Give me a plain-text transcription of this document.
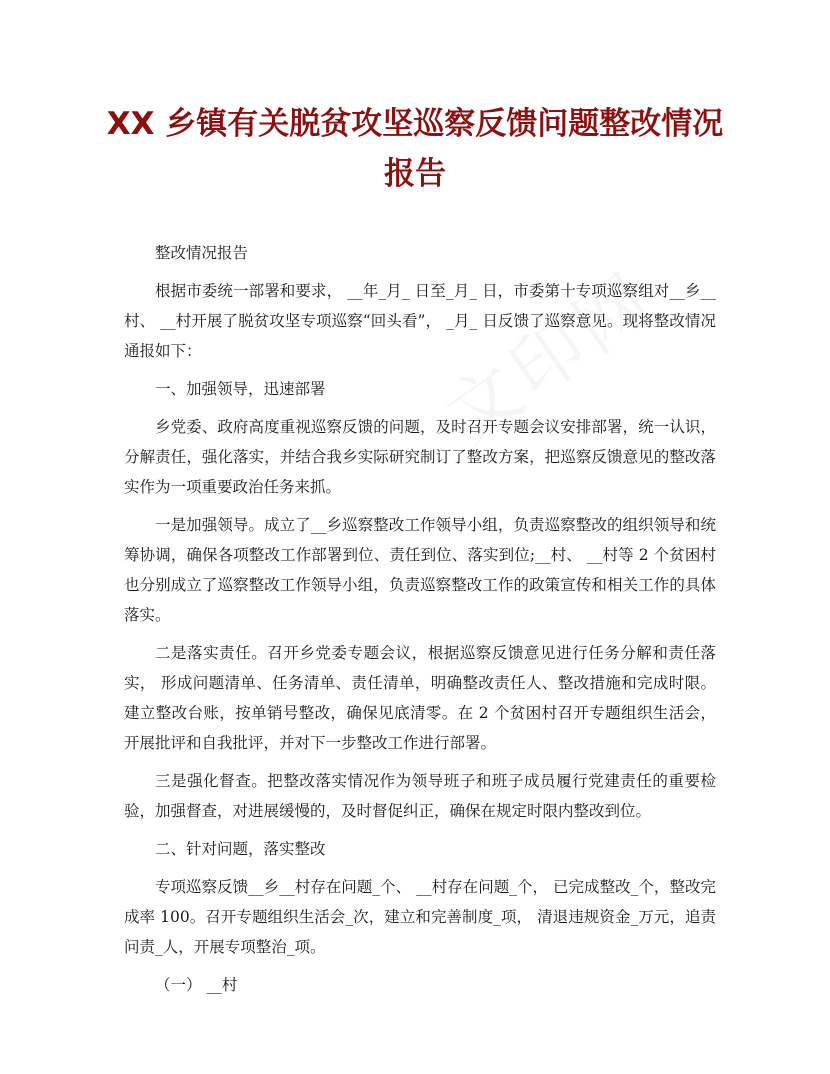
XX 乡镇有关脱贫攻坚巡察反馈问题整改情况
报告

整改情况报告

根据市委统一部署和要求， __年_月_ 日至_月_ 日，市委第十专项巡察组对__乡__村、 __村开展了脱贫攻坚专项巡察“回头看”， _月_ 日反馈了巡察意见。现将整改情况通报如下：

一、加强领导，迅速部署

乡党委、政府高度重视巡察反馈的问题，及时召开专题会议安排部署，统一认识，分解责任，强化落实，并结合我乡实际研究制订了整改方案，把巡察反馈意见的整改落实作为一项重要政治任务来抓。

一是加强领导。成立了__乡巡察整改工作领导小组，负责巡察整改的组织领导和统筹协调，确保各项整改工作部署到位、责任到位、落实到位;__村、 __村等 2 个贫困村也分别成立了巡察整改工作领导小组，负责巡察整改工作的政策宣传和相关工作的具体落实。

二是落实责任。召开乡党委专题会议，根据巡察反馈意见进行任务分解和责任落实， 形成问题清单、任务清单、责任清单，明确整改责任人、整改措施和完成时限。建立整改台账，按单销号整改，确保见底清零。在 2 个贫困村召开专题组织生活会，开展批评和自我批评，并对下一步整改工作进行部署。

三是强化督查。把整改落实情况作为领导班子和班子成员履行党建责任的重要检验，加强督查，对进展缓慢的，及时督促纠正，确保在规定时限内整改到位。

二、针对问题，落实整改

专项巡察反馈__乡__村存在问题_个、 __村存在问题_个， 已完成整改_个，整改完成率 100。召开专题组织生活会_次，建立和完善制度_项， 清退违规资金_万元，追责问责_人，开展专项整治_项。

（一） __村
